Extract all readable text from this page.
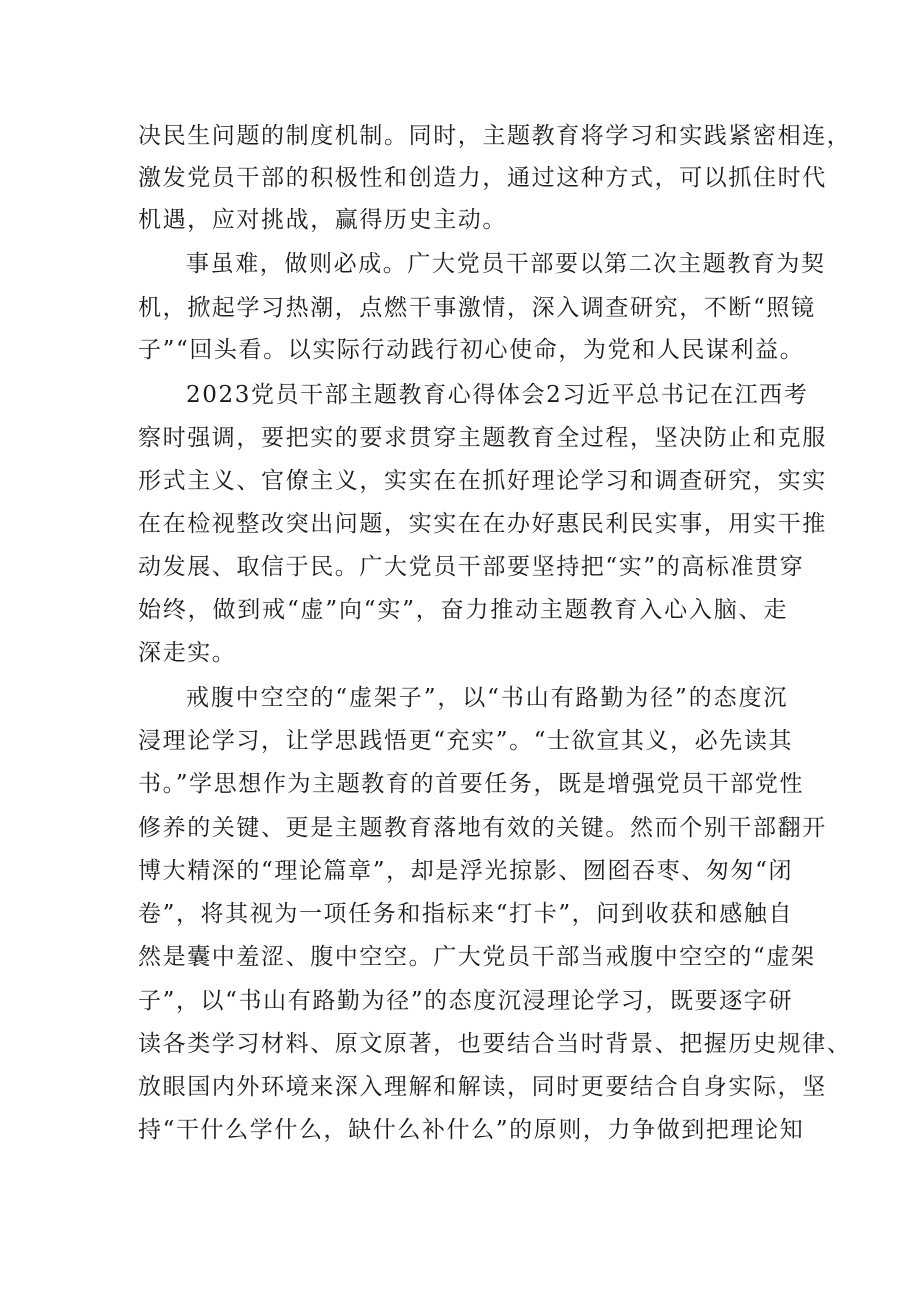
决民生问题的制度机制。同时，主题教育将学习和实践紧密相连，
激发党员干部的积极性和创造力，通过这种方式，可以抓住时代
机遇，应对挑战，赢得历史主动。
事虽难，做则必成。广大党员干部要以第二次主题教育为契
机，掀起学习热潮，点燃干事激情，深入调查研究，不断“照镜
子”“回头看。以实际行动践行初心使命，为党和人民谋利益。
2023党员干部主题教育心得体会2习近平总书记在江西考
察时强调，要把实的要求贯穿主题教育全过程，坚决防止和克服
形式主义、官僚主义，实实在在抓好理论学习和调查研究，实实
在在检视整改突出问题，实实在在办好惠民利民实事，用实干推
动发展、取信于民。广大党员干部要坚持把“实”的高标准贯穿
始终，做到戒“虚”向“实”，奋力推动主题教育入心入脑、走
深走实。
戒腹中空空的“虚架子”，以“书山有路勤为径”的态度沉
浸理论学习，让学思践悟更“充实”。“士欲宣其义，必先读其
书。”学思想作为主题教育的首要任务，既是增强党员干部党性
修养的关键、更是主题教育落地有效的关键。然而个别干部翻开
博大精深的“理论篇章”，却是浮光掠影、囫囵吞枣、匆匆“闭
卷”，将其视为一项任务和指标来“打卡”，问到收获和感触自
然是囊中羞涩、腹中空空。广大党员干部当戒腹中空空的“虚架
子”，以“书山有路勤为径”的态度沉浸理论学习，既要逐字研
读各类学习材料、原文原著，也要结合当时背景、把握历史规律、
放眼国内外环境来深入理解和解读，同时更要结合自身实际，坚
持“干什么学什么，缺什么补什么”的原则，力争做到把理论知
